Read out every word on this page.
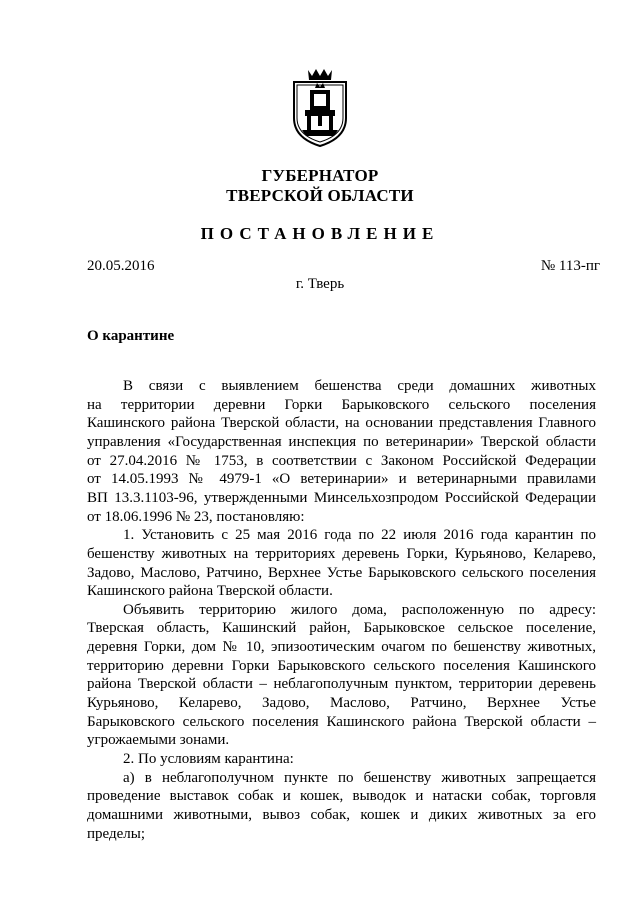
ГУБЕРНАТОР
ТВЕРСКОЙ ОБЛАСТИ
ПОСТАНОВЛЕНИЕ
20.05.2016	№ 113-пг
г. Тверь
О карантине
В связи с выявлением бешенства среди домашних животных
на территории деревни Горки Барыковского сельского поселения
Кашинского района Тверской области, на основании представления Главного
управления «Государственная инспекция по ветеринарии» Тверской области
от 27.04.2016 № 1753, в соответствии с Законом Российской Федерации
от 14.05.1993 № 4979-1 «О ветеринарии» и ветеринарными правилами
ВП 13.3.1103-96, утвержденными Минсельхозпродом Российской Федерации
от 18.06.1996 № 23, постановляю:
1. Установить с 25 мая 2016 года по 22 июля 2016 года карантин по
бешенству животных на территориях деревень Горки, Курьяново, Келарево,
Задово, Маслово, Ратчино, Верхнее Устье Барыковского сельского поселения
Кашинского района Тверской области.
Объявить территорию жилого дома, расположенную по адресу:
Тверская область, Кашинский район, Барыковское сельское поселение,
деревня Горки, дом № 10, эпизоотическим очагом по бешенству животных,
территорию деревни Горки Барыковского сельского поселения Кашинского
района Тверской области – неблагополучным пунктом, территории деревень
Курьяново, Келарево, Задово, Маслово, Ратчино, Верхнее Устье
Барыковского сельского поселения Кашинского района Тверской области –
угрожаемыми зонами.
2. По условиям карантина:
а) в неблагополучном пункте по бешенству животных запрещается
проведение выставок собак и кошек, выводок и натаски собак, торговля
домашними животными, вывоз собак, кошек и диких животных за его
пределы;
